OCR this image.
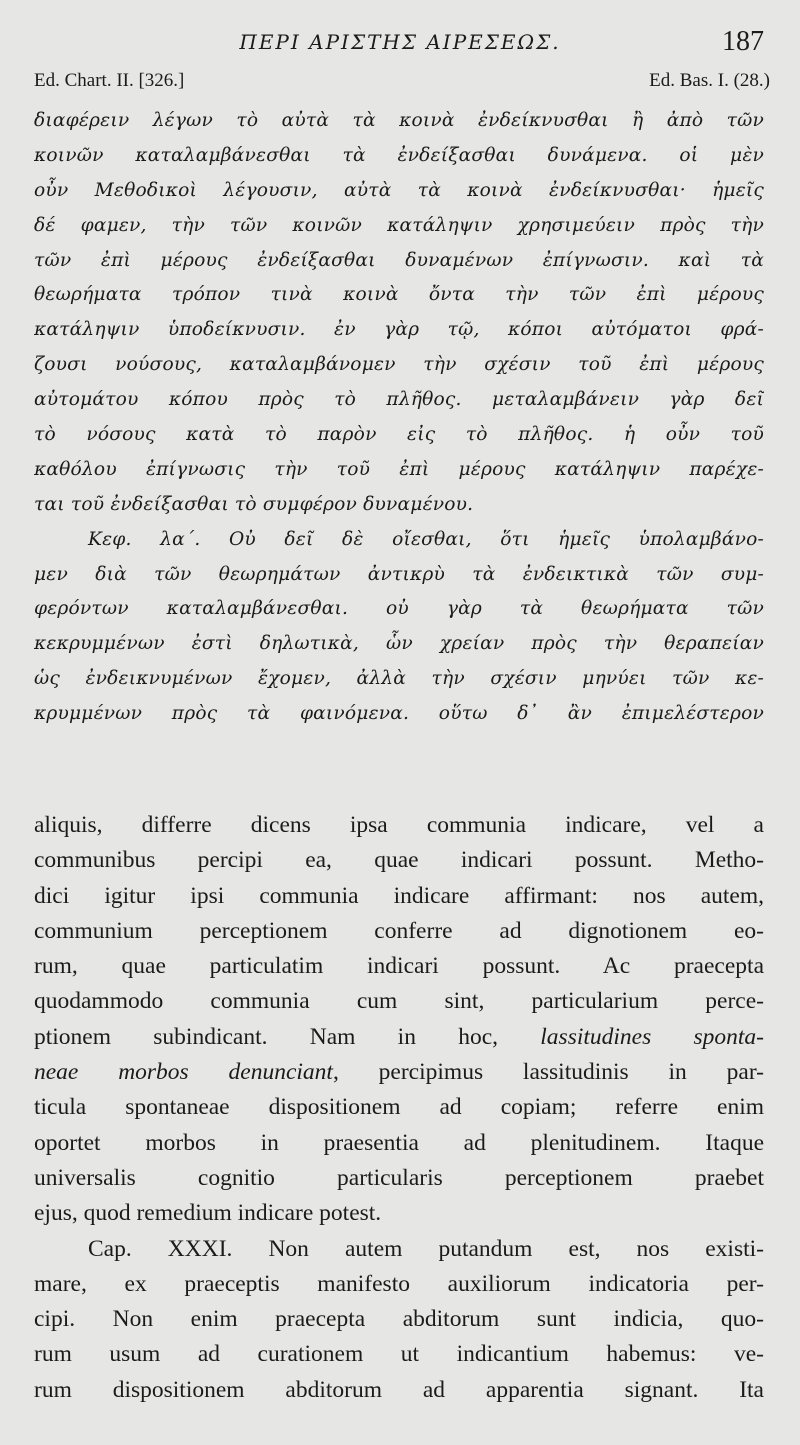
ΠΕΡΙ ΑΡΙΣΤΗΣ ΑΙΡΕΣΕΩΣ.	187
Ed. Chart. II. [326.]	Ed. Bas. I. (28.)
διαφέρειν λέγων τὸ αὐτὰ τὰ κοινὰ ἐνδείκνυσθαι ἢ ἀπὸ τῶν
κοινῶν καταλαμβάνεσθαι τὰ ἐνδείξασθαι δυνάμενα. οἱ μὲν
οὖν Μεθοδικοὶ λέγουσιν, αὐτὰ τὰ κοινὰ ἐνδείκνυσθαι· ἡμεῖς
δέ φαμεν, τὴν τῶν κοινῶν κατάληψιν χρησιμεύειν πρὸς τὴν
τῶν ἐπὶ μέρους ἐνδείξασθαι δυναμένων ἐπίγνωσιν. καὶ τὰ
θεωρήματα τρόπον τινὰ κοινὰ ὄντα τὴν τῶν ἐπὶ μέρους
κατάληψιν ὑποδείκνυσιν. ἐν γὰρ τῷ, κόποι αὐτόματοι φρά-
ζουσι νούσους, καταλαμβάνομεν τὴν σχέσιν τοῦ ἐπὶ μέρους
αὐτομάτου κόπου πρὸς τὸ πλῆθος. μεταλαμβάνειν γὰρ δεῖ
τὸ νόσους κατὰ τὸ παρὸν εἰς τὸ πλῆθος. ἡ οὖν τοῦ
καθόλου ἐπίγνωσις τὴν τοῦ ἐπὶ μέρους κατάληψιν παρέχε-
ται τοῦ ἐνδείξασθαι τὸ συμφέρον δυναμένου.
Κεφ. λα΄. Οὐ δεῖ δὲ οἴεσθαι, ὅτι ἡμεῖς ὑπολαμβάνο-
μεν διὰ τῶν θεωρημάτων ἀντικρὺ τὰ ἐνδεικτικὰ τῶν συμ-
φερόντων καταλαμβάνεσθαι. οὐ γὰρ τὰ θεωρήματα τῶν
κεκρυμμένων ἐστὶ δηλωτικὰ, ὧν χρείαν πρὸς τὴν θεραπείαν
ὡς ἐνδεικνυμένων ἔχομεν, ἀλλὰ τὴν σχέσιν μηνύει τῶν κε-
κρυμμένων πρὸς τὰ φαινόμενα. οὕτω δ᾽ ἂν ἐπιμελέστερον
aliquis, differre dicens ipsa communia indicare, vel a
communibus percipi ea, quae indicari possunt. Metho-
dici igitur ipsi communia indicare affirmant: nos autem,
communium perceptionem conferre ad dignotionem eo-
rum, quae particulatim indicari possunt. Ac praecepta
quodammodo communia cum sint, particularium perce-
ptionem subindicant. Nam in hoc, lassitudines sponta-
neae morbos denunciant, percipimus lassitudinis in par-
ticula spontaneae dispositionem ad copiam; referre enim
oportet morbos in praesentia ad plenitudinem. Itaque
universalis cognitio particularis perceptionem praebet
ejus, quod remedium indicare potest.
Cap. XXXI. Non autem putandum est, nos existi-
mare, ex praeceptis manifesto auxiliorum indicatoria per-
cipi. Non enim praecepta abditorum sunt indicia, quo-
rum usum ad curationem ut indicantium habemus: ve-
rum dispositionem abditorum ad apparentia signant. Ita
